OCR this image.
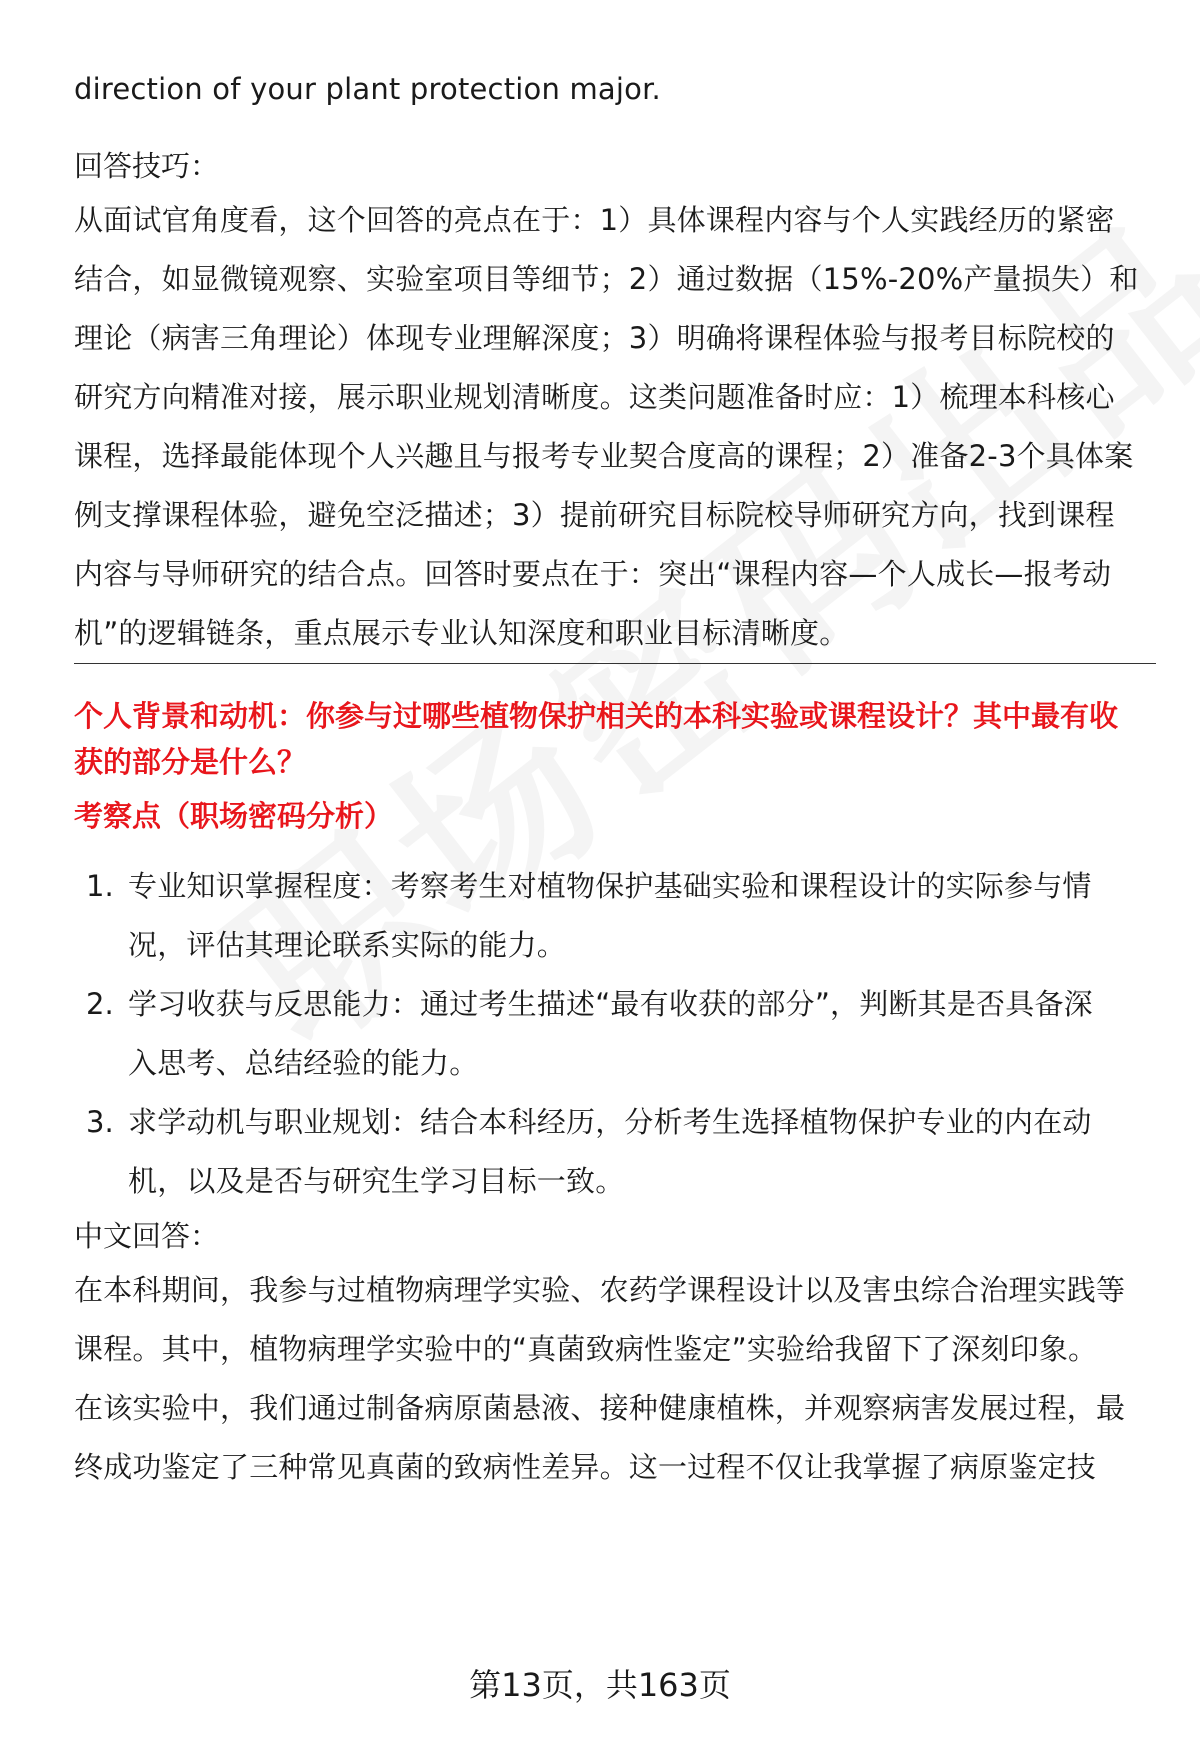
direction of your plant protection major.
回答技巧：
从面试官角度看，这个回答的亮点在于：1）具体课程内容与个人实践经历的紧密
结合，如显微镜观察、实验室项目等细节；2）通过数据（15%-20%产量损失）和
理论（病害三角理论）体现专业理解深度；3）明确将课程体验与报考目标院校的
研究方向精准对接，展示职业规划清晰度。这类问题准备时应：1）梳理本科核心
课程，选择最能体现个人兴趣且与报考专业契合度高的课程；2）准备2-3个具体案
例支撑课程体验，避免空泛描述；3）提前研究目标院校导师研究方向，找到课程
内容与导师研究的结合点。回答时要点在于：突出“课程内容—个人成长—报考动
机”的逻辑链条，重点展示专业认知深度和职业目标清晰度。
个人背景和动机：你参与过哪些植物保护相关的本科实验或课程设计？其中最有收
获的部分是什么？
考察点（职场密码分析）
1. 专业知识掌握程度：考察考生对植物保护基础实验和课程设计的实际参与情
况，评估其理论联系实际的能力。
2. 学习收获与反思能力：通过考生描述“最有收获的部分”，判断其是否具备深
入思考、总结经验的能力。
3. 求学动机与职业规划：结合本科经历，分析考生选择植物保护专业的内在动
机，以及是否与研究生学习目标一致。
中文回答：
在本科期间，我参与过植物病理学实验、农药学课程设计以及害虫综合治理实践等
课程。其中，植物病理学实验中的“真菌致病性鉴定”实验给我留下了深刻印象。
在该实验中，我们通过制备病原菌悬液、接种健康植株，并观察病害发展过程，最
终成功鉴定了三种常见真菌的致病性差异。这一过程不仅让我掌握了病原鉴定技
第13页，共163页
